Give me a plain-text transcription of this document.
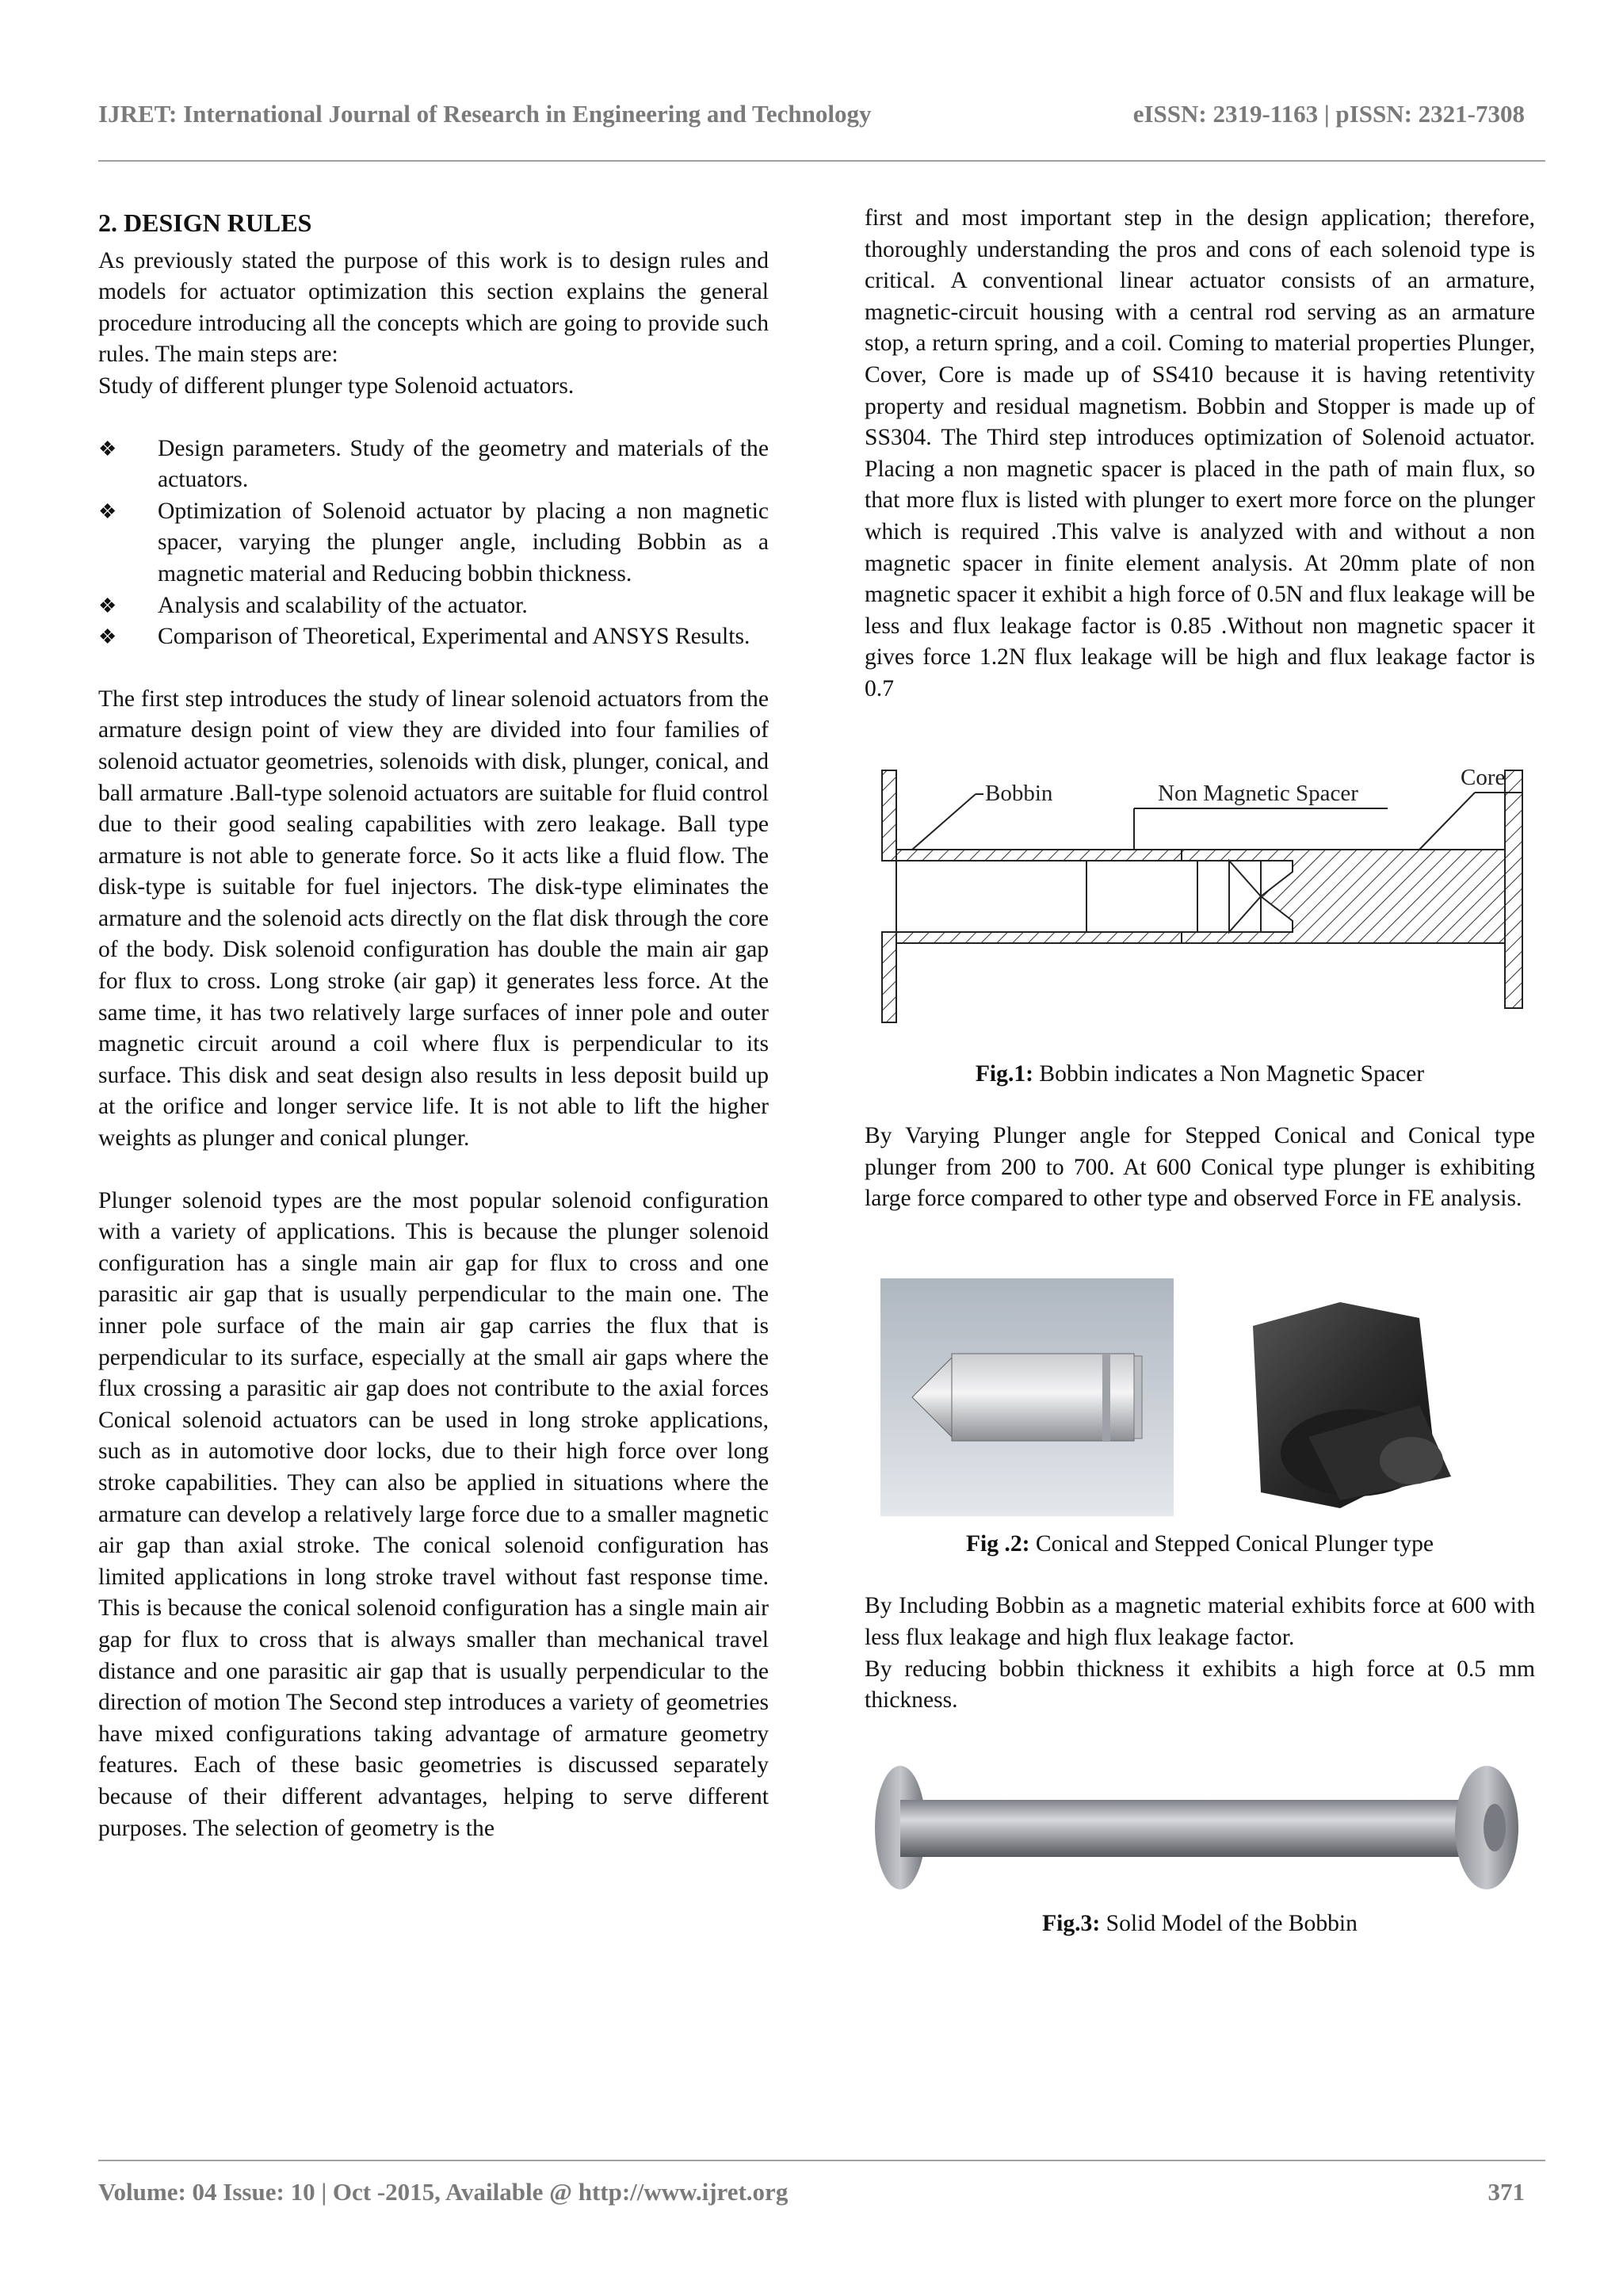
IJRET: International Journal of Research in Engineering and Technology	eISSN: 2319-1163 | pISSN: 2321-7308
2. DESIGN RULES

As previously stated the purpose of this work is to design rules and models for actuator optimization this section explains the general procedure introducing all the concepts which are going to provide such rules. The main steps are:

Study of different plunger type Solenoid actuators.

❖ Design parameters. Study of the geometry and materials of the actuators.
❖ Optimization of Solenoid actuator by placing a non magnetic spacer, varying the plunger angle, including Bobbin as a magnetic material and Reducing bobbin thickness.
❖ Analysis and scalability of the actuator.
❖ Comparison of Theoretical, Experimental and ANSYS Results.

The first step introduces the study of linear solenoid actuators from the armature design point of view they are divided into four families of solenoid actuator geometries, solenoids with disk, plunger, conical, and ball armature .Ball-type solenoid actuators are suitable for fluid control due to their good sealing capabilities with zero leakage. Ball type armature is not able to generate force. So it acts like a fluid flow. The disk-type is suitable for fuel injectors. The disk-type eliminates the armature and the solenoid acts directly on the flat disk through the core of the body. Disk solenoid configuration has double the main air gap for flux to cross. Long stroke (air gap) it generates less force. At the same time, it has two relatively large surfaces of inner pole and outer magnetic circuit around a coil where flux is perpendicular to its surface. This disk and seat design also results in less deposit build up at the orifice and longer service life. It is not able to lift the higher weights as plunger and conical plunger.

Plunger solenoid types are the most popular solenoid configuration with a variety of applications. This is because the plunger solenoid configuration has a single main air gap for flux to cross and one parasitic air gap that is usually perpendicular to the main one. The inner pole surface of the main air gap carries the flux that is perpendicular to its surface, especially at the small air gaps where the flux crossing a parasitic air gap does not contribute to the axial forces Conical solenoid actuators can be used in long stroke applications, such as in automotive door locks, due to their high force over long stroke capabilities. They can also be applied in situations where the armature can develop a relatively large force due to a smaller magnetic air gap than axial stroke. The conical solenoid configuration has limited applications in long stroke travel without fast response time. This is because the conical solenoid configuration has a single main air gap for flux to cross that is always smaller than mechanical travel distance and one parasitic air gap that is usually perpendicular to the direction of motion The Second step introduces a variety of geometries have mixed configurations taking advantage of armature geometry features. Each of these basic geometries is discussed separately because of their different advantages, helping to serve different purposes. The selection of geometry is the

first and most important step in the design application; therefore, thoroughly understanding the pros and cons of each solenoid type is critical. A conventional linear actuator consists of an armature, magnetic-circuit housing with a central rod serving as an armature stop, a return spring, and a coil. Coming to material properties Plunger, Cover, Core is made up of SS410 because it is having retentivity property and residual magnetism. Bobbin and Stopper is made up of SS304. The Third step introduces optimization of Solenoid actuator. Placing a non magnetic spacer is placed in the path of main flux, so that more flux is listed with plunger to exert more force on the plunger which is required .This valve is analyzed with and without a non magnetic spacer in finite element analysis. At 20mm plate of non magnetic spacer it exhibit a high force of 0.5N and flux leakage will be less and flux leakage factor is 0.85 .Without non magnetic spacer it gives force 1.2N flux leakage will be high and flux leakage factor is 0.7

Bobbin	Non Magnetic Spacer
Core

Fig.1: Bobbin indicates a Non Magnetic Spacer

By Varying Plunger angle for Stepped Conical and Conical type plunger from 200 to 700. At 600 Conical type plunger is exhibiting large force compared to other type and observed Force in FE analysis.

Fig .2: Conical and Stepped Conical Plunger type

By Including Bobbin as a magnetic material exhibits force at 600 with less flux leakage and high flux leakage factor.

By reducing bobbin thickness it exhibits a high force at 0.5 mm thickness.

Fig.3: Solid Model of the Bobbin

Volume: 04 Issue: 10 | Oct -2015, Available @ http://www.ijret.org	371
